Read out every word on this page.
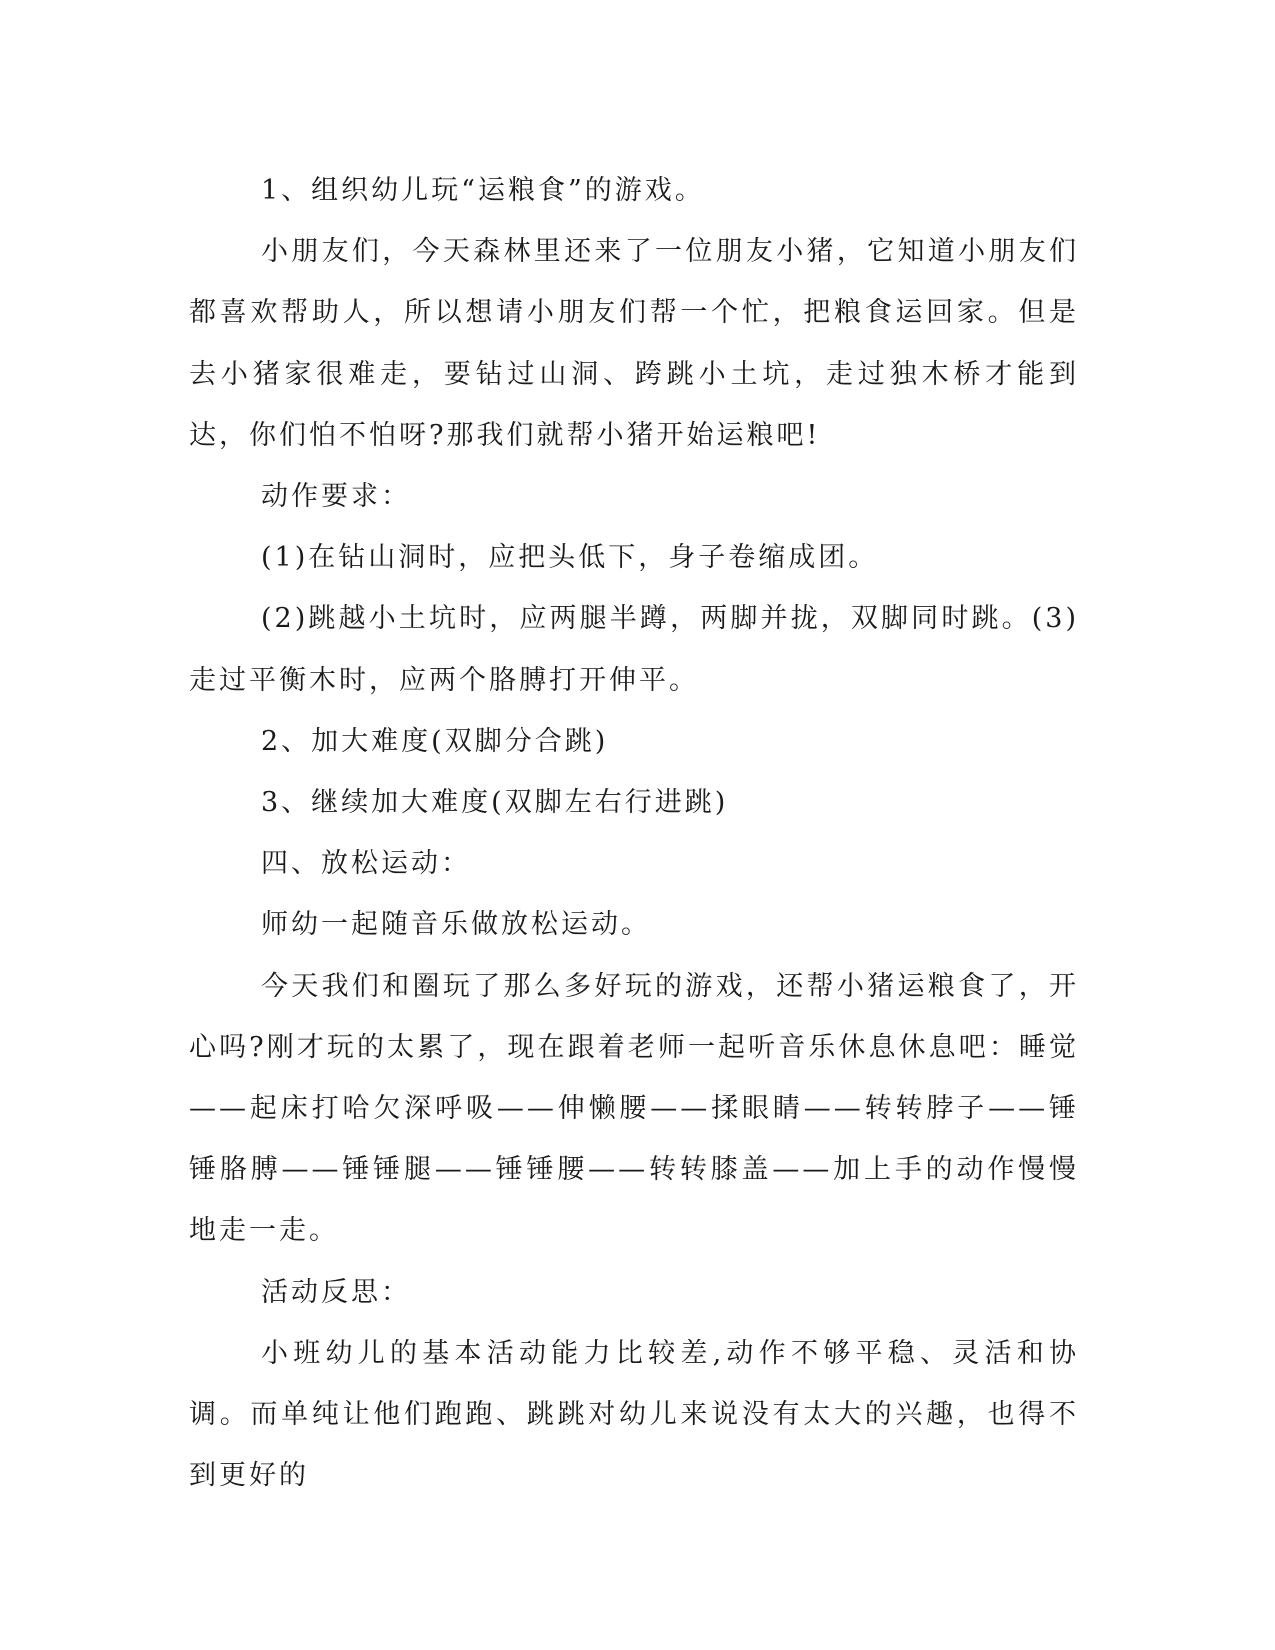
1、组织幼儿玩“运粮食”的游戏。

小朋友们，今天森林里还来了一位朋友小猪，它知道小朋友们都喜欢帮助人，所以想请小朋友们帮一个忙，把粮食运回家。但是去小猪家很难走，要钻过山洞、跨跳小土坑，走过独木桥才能到达，你们怕不怕呀?那我们就帮小猪开始运粮吧!

动作要求：

(1)在钻山洞时，应把头低下，身子卷缩成团。

(2)跳越小土坑时，应两腿半蹲，两脚并拢，双脚同时跳。(3)走过平衡木时，应两个胳膊打开伸平。

2、加大难度(双脚分合跳)

3、继续加大难度(双脚左右行进跳)

四、放松运动：

师幼一起随音乐做放松运动。

今天我们和圈玩了那么多好玩的游戏，还帮小猪运粮食了，开心吗?刚才玩的太累了，现在跟着老师一起听音乐休息休息吧：睡觉——起床打哈欠深呼吸——伸懒腰——揉眼睛——转转脖子——锤锤胳膊——锤锤腿——锤锤腰——转转膝盖——加上手的动作慢慢地走一走。

活动反思：

小班幼儿的基本活动能力比较差,动作不够平稳、灵活和协调。而单纯让他们跑跑、跳跳对幼儿来说没有太大的兴趣，也得不到更好的
